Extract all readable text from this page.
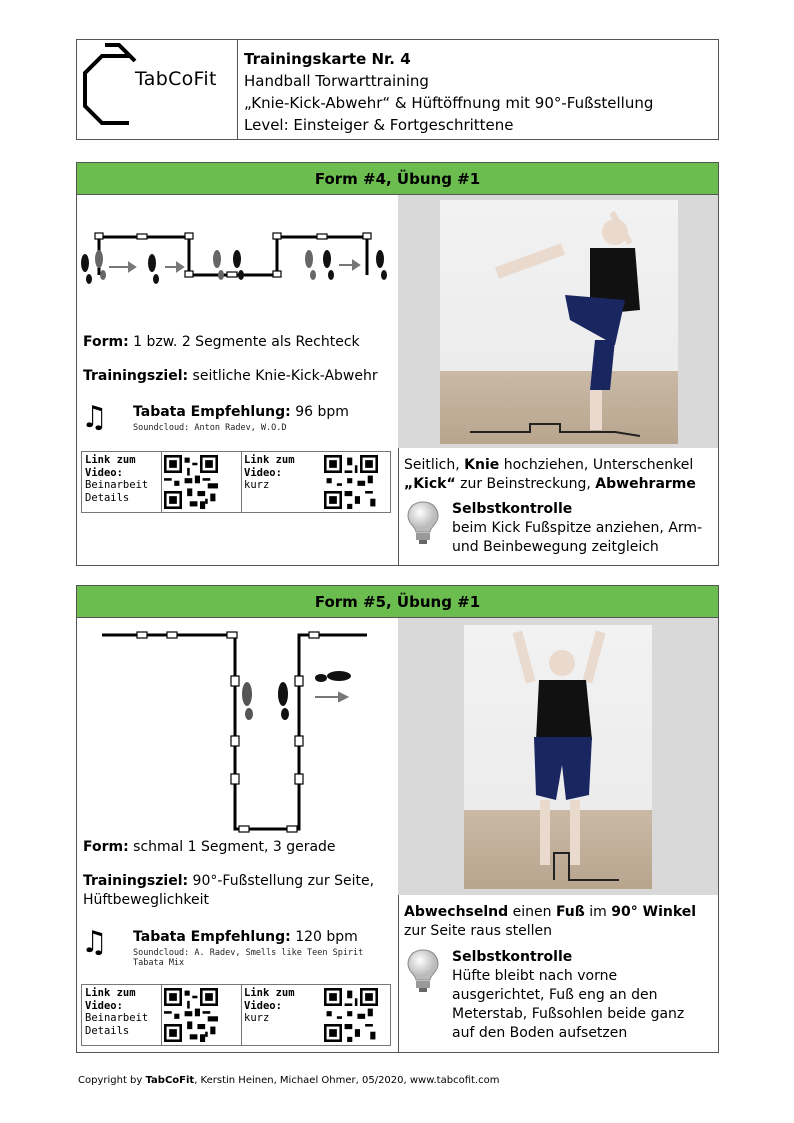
TabCoFit
Trainingskarte Nr. 4
Handball Torwarttraining
„Knie-Kick-Abwehr“ & Hüftöffnung mit 90°-Fußstellung
Level: Einsteiger & Fortgeschrittene
Form #4, Übung #1
Form: 1 bzw. 2 Segmente als Rechteck
Trainingsziel: seitliche Knie-Kick-Abwehr
♫ Tabata Empfehlung: 96 bpm
Soundcloud: Anton Radev, W.O.D
Link zum
Video:
Beinarbeit
Details
Link zum
Video:
kurz
Seitlich, Knie hochziehen, Unterschenkel
„Kick“ zur Beinstreckung, Abwehrarme
Selbstkontrolle
beim Kick Fußspitze anziehen, Arm-
und Beinbewegung zeitgleich
Form #5, Übung #1
Form: schmal 1 Segment, 3 gerade
Trainingsziel: 90°-Fußstellung zur Seite,
Hüftbeweglichkeit
♫ Tabata Empfehlung: 120 bpm
Soundcloud: A. Radev, Smells like Teen Spirit
Tabata Mix
Link zum
Video:
Beinarbeit
Details
Link zum
Video:
kurz
Abwechselnd einen Fuß im 90° Winkel
zur Seite raus stellen
Selbstkontrolle
Hüfte bleibt nach vorne
ausgerichtet, Fuß eng an den
Meterstab, Fußsohlen beide ganz
auf den Boden aufsetzen
Copyright by TabCoFit, Kerstin Heinen, Michael Ohmer, 05/2020, www.tabcofit.com
